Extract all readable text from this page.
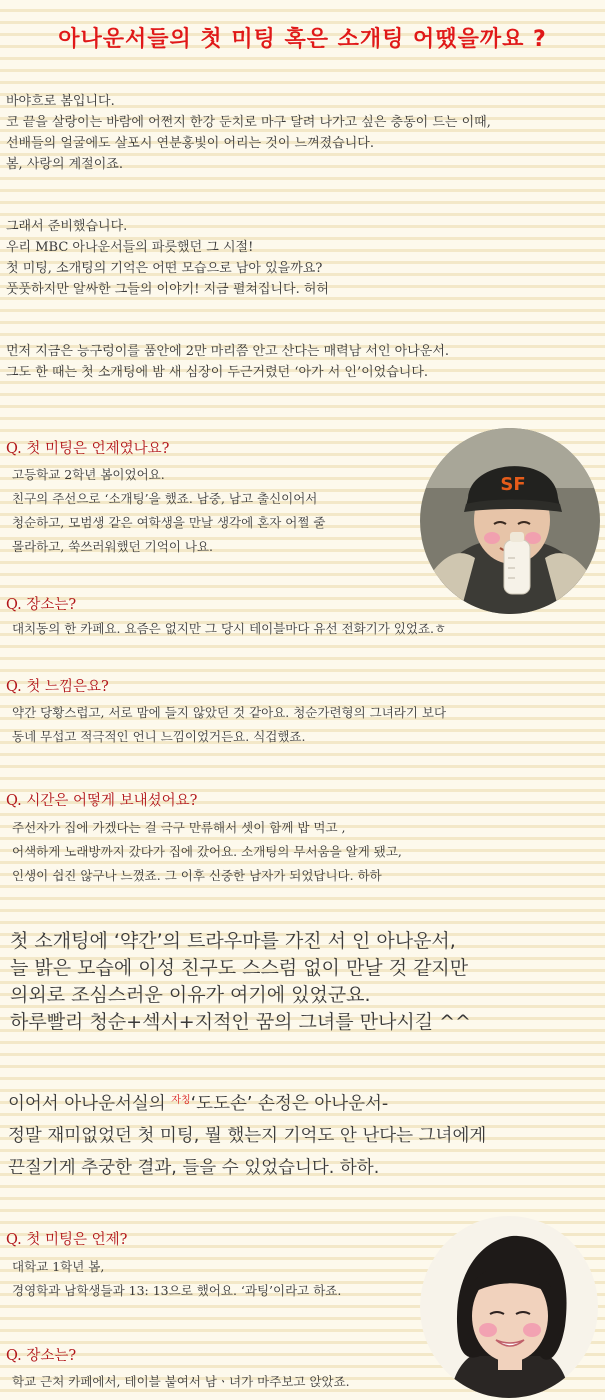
아나운서들의 첫 미팅 혹은 소개팅 어땠을까요 ?
바야흐로 봄입니다.
코 끝을 살랑이는 바람에 어쩐지 한강 둔치로 마구 달려 나가고 싶은 충동이 드는 이때,
선배들의 얼굴에도 살포시 연분홍빛이 어리는 것이 느껴졌습니다.
봄, 사랑의 계절이죠.
그래서 준비했습니다.
우리 MBC 아나운서들의 파릇했던 그 시절!
첫 미팅, 소개팅의 기억은 어떤 모습으로 남아 있을까요?
풋풋하지만 알싸한 그들의 이야기! 지금 펼쳐집니다. 허허
먼저 지금은 능구렁이를 품안에 2만 마리쯤 안고 산다는 매력남 서인 아나운서.
그도 한 때는 첫 소개팅에 밤 새 심장이 두근거렸던 ‘아가 서 인’이었습니다.
SF
Q. 첫 미팅은 언제였나요?
고등학교 2학년 봄이었어요.
친구의 주선으로 ‘소개팅’을 했죠. 남중, 남고 출신이어서
청순하고, 모범생 같은 여학생을 만날 생각에 혼자 어쩔 줄
몰라하고, 쑥쓰러워했던 기억이 나요.
Q. 장소는?
대치동의 한 카페요. 요즘은 없지만 그 당시 테이블마다 유선 전화기가 있었죠.ㅎ
Q. 첫 느낌은요?
약간 당황스럽고, 서로 맘에 들지 않았던 것 같아요. 청순가련형의 그녀라기 보다
동네 무섭고 적극적인 언니 느낌이었거든요. 식겁했죠.
Q. 시간은 어떻게 보내셨어요?
주선자가 집에 가겠다는 걸 극구 만류해서 셋이 함께 밥 먹고 ,
어색하게 노래방까지 갔다가 집에 갔어요. 소개팅의 무서움을 알게 됐고,
인생이 쉽진 않구나 느꼈죠. 그 이후 신중한 남자가 되었답니다. 하하
첫 소개팅에 ‘약간’의 트라우마를 가진 서 인 아나운서,
늘 밝은 모습에 이성 친구도 스스럼 없이 만날 것 같지만
의외로 조심스러운 이유가 여기에 있었군요.
하루빨리 청순+섹시+지적인 꿈의 그녀를 만나시길 ^^
이어서 아나운서실의 $^{자칭}$‘도도손’ 손정은 아나운서-
정말 재미없었던 첫 미팅, 뭘 했는지 기억도 안 난다는 그녀에게
끈질기게 추궁한 결과, 들을 수 있었습니다. 하하.
Q. 첫 미팅은 언제?
대학교 1학년 봄,
경영학과 남학생들과 13: 13으로 했어요. ‘과팅’이라고 하죠.
Q. 장소는?
학교 근처 카페에서, 테이블 붙여서 남ㆍ녀가 마주보고 앉았죠.
